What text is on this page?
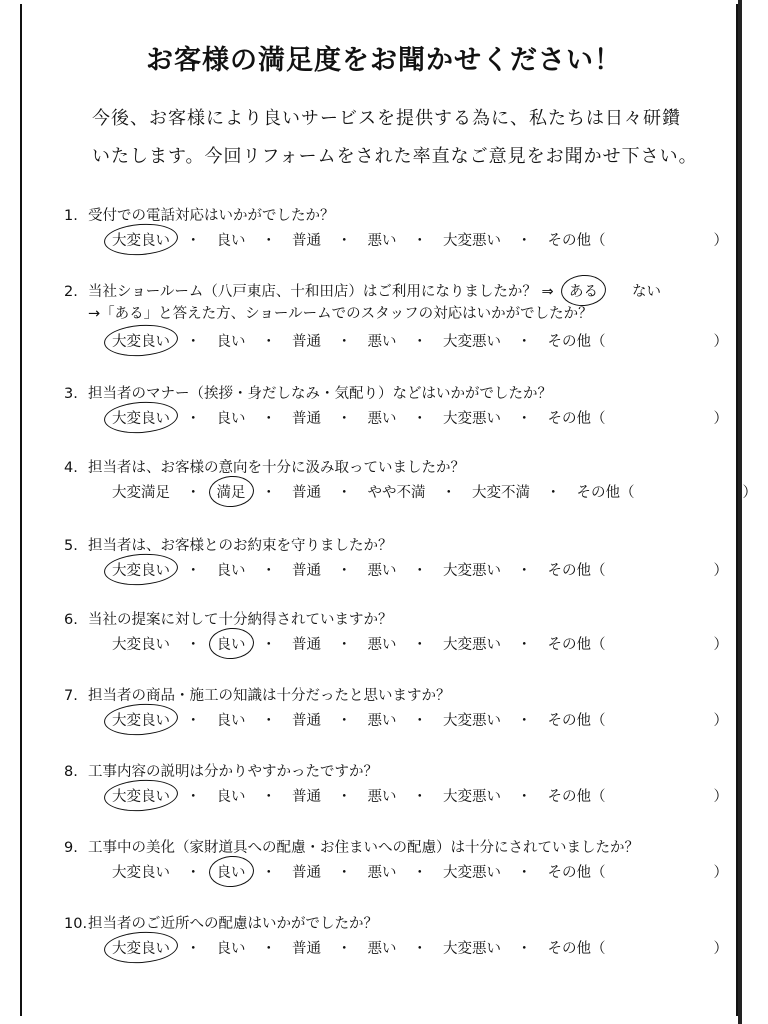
お客様の満足度をお聞かせください！
今後、お客様により良いサービスを提供する為に、私たちは日々研鑽
いたします。今回リフォームをされた率直なご意見をお聞かせ下さい。
1. 受付での電話対応はいかがでしたか？
大変良い ・ 良い ・ 普通 ・ 悪い ・ 大変悪い ・ その他（	）
2. 当社ショールーム（八戸東店、十和田店）はご利用になりましたか？ ⇒ ある ない
→「ある」と答えた方、ショールームでのスタッフの対応はいかがでしたか？
大変良い ・ 良い ・ 普通 ・ 悪い ・ 大変悪い ・ その他（	）
3. 担当者のマナー（挨拶・身だしなみ・気配り）などはいかがでしたか？
大変良い ・ 良い ・ 普通 ・ 悪い ・ 大変悪い ・ その他（	）
4. 担当者は、お客様の意向を十分に汲み取っていましたか？
大変満足 ・ 満足 ・ 普通 ・ やや不満 ・ 大変不満 ・ その他（	）
5. 担当者は、お客様とのお約束を守りましたか？
大変良い ・ 良い ・ 普通 ・ 悪い ・ 大変悪い ・ その他（	）
6. 当社の提案に対して十分納得されていますか？
大変良い ・ 良い ・ 普通 ・ 悪い ・ 大変悪い ・ その他（	）
7. 担当者の商品・施工の知識は十分だったと思いますか？
大変良い ・ 良い ・ 普通 ・ 悪い ・ 大変悪い ・ その他（	）
8. 工事内容の説明は分かりやすかったですか？
大変良い ・ 良い ・ 普通 ・ 悪い ・ 大変悪い ・ その他（	）
9. 工事中の美化（家財道具への配慮・お住まいへの配慮）は十分にされていましたか？
大変良い ・ 良い ・ 普通 ・ 悪い ・ 大変悪い ・ その他（	）
10.担当者のご近所への配慮はいかがでしたか？
大変良い ・ 良い ・ 普通 ・ 悪い ・ 大変悪い ・ その他（	）
